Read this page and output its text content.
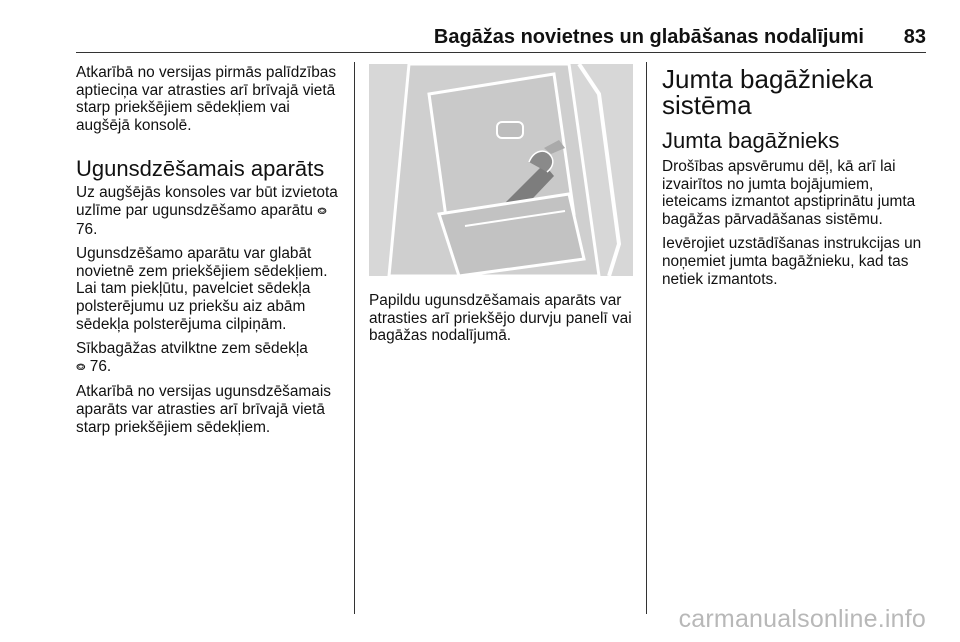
Bagāžas novietnes un glabāšanas nodalījumi 83

Atkarībā no versijas pirmās palīdzības aptieciņa var atrasties arī brīvajā vietā starp priekšējiem sēdekļiem vai augšējā konsolē.

Ugunsdzēšamais aparāts

Uz augšējās konsoles var būt izvietota uzlīme par ugunsdzēšamo aparātu ⭖ 76.

Ugunsdzēšamo aparātu var glabāt novietnē zem priekšējiem sēdekļiem. Lai tam piekļūtu, pavelciet sēdekļa polsterējumu uz priekšu aiz abām sēdekļa polsterējuma cilpiņām.

Sīkbagāžas atvilktne zem sēdekļa
⭖ 76.

Atkarībā no versijas ugunsdzēšamais aparāts var atrasties arī brīvajā vietā starp priekšējiem sēdekļiem.

Papildu ugunsdzēšamais aparāts var atrasties arī priekšējo durvju panelī vai bagāžas nodalījumā.

Jumta bagāžnieka sistēma
Jumta bagāžnieks

Drošības apsvērumu dēļ, kā arī lai izvairītos no jumta bojājumiem, ieteicams izmantot apstiprinātu jumta bagāžas pārvadāšanas sistēmu.

Ievērojiet uzstādīšanas instrukcijas un noņemiet jumta bagāžnieku, kad tas netiek izmantots.

carmanualsonline.info
